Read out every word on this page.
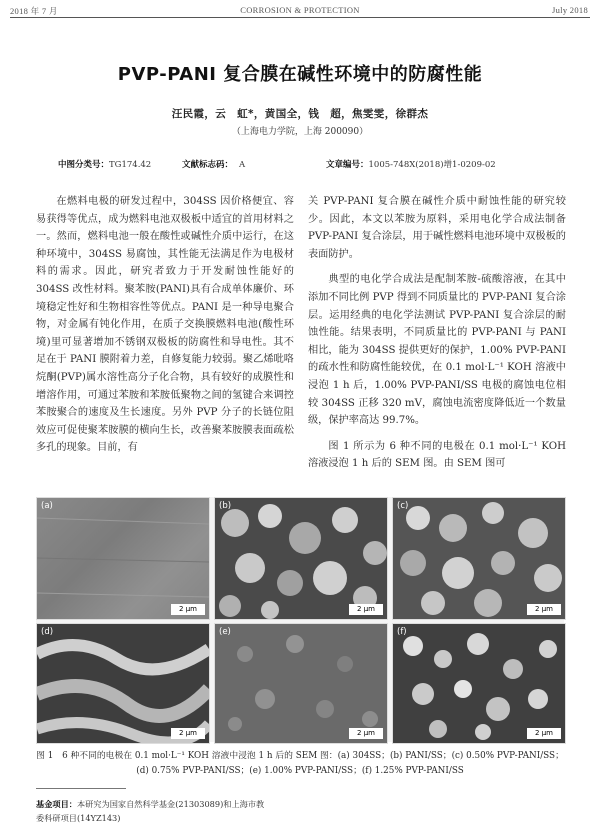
2018 年 7 月	CORROSION & PROTECTION	July 2018
PVP-PANI 复合膜在碱性环境中的防腐性能
汪民霞，云　虹*，黄国全，钱　超，焦雯雯，徐群杰
（上海电力学院，上海 200090）
中图分类号：TG174.42	文献标志码： A	文章编号：1005-748X(2018)增1-0209-02

在燃料电极的研发过程中，304SS 因价格便宜、容易获得等优点，成为燃料电池双极板中适宜的首用材料之一。然而，燃料电池一般在酸性或碱性介质中运行，在这种环境中，304SS 易腐蚀，其性能无法满足作为电极材料的需求。因此，研究者致力于开发耐蚀性能好的 304SS 改性材料。聚苯胺(PANI)具有合成单体廉价、环境稳定性好和生物相容性等优点。PANI 是一种导电聚合物，对金属有钝化作用，在质子交换膜燃料电池(酸性环境)里可显著增加不锈钢双极板的防腐性和导电性。其不足在于 PANI 膜附着力差，自修复能力较弱。聚乙烯吡咯烷酮(PVP)属水溶性高分子化合物，具有较好的成膜性和增溶作用，可通过苯胺和苯胺低聚物之间的氢键合来调控苯胺聚合的速度及生长速度。另外 PVP 分子的长链位阻效应可促使聚苯胺膜的横向生长，改善聚苯胺膜表面疏松多孔的现象。目前，有

关 PVP-PANI 复合膜在碱性介质中耐蚀性能的研究较少。因此，本文以苯胺为原料，采用电化学合成法制备 PVP-PANI 复合涂层，用于碱性燃料电池环境中双极板的表面防护。

典型的电化学合成法是配制苯胺-硫酸溶液，在其中添加不同比例 PVP 得到不同质量比的 PVP-PANI 复合涂层。运用经典的电化学法测试 PVP-PANI 复合涂层的耐蚀性能。结果表明，不同质量比的 PVP-PANI 与 PANI 相比，能为 304SS 提供更好的保护，1.00% PVP-PANI 的疏水性和防腐性能较优，在 0.1 mol·L⁻¹ KOH 溶液中浸泡 1 h 后，1.00% PVP-PANI/SS 电极的腐蚀电位相较 304SS 正移 320 mV，腐蚀电流密度降低近一个数量级，保护率高达 99.7%。

图 1 所示为 6 种不同的电极在 0.1 mol·L⁻¹ KOH 溶液浸泡 1 h 后的 SEM 图。由 SEM 图可

(a)
2 μm
(b)
2 μm
(c)
2 μm
(d)
2 μm
(e)
2 μm
(f)
2 μm
图 1　6 种不同的电极在 0.1 mol·L⁻¹ KOH 溶液中浸泡 1 h 后的 SEM 图：(a) 304SS；(b) PANI/SS；(c) 0.50% PVP-PANI/SS；
(d) 0.75% PVP-PANI/SS；(e) 1.00% PVP-PANI/SS；(f) 1.25% PVP-PANI/SS
基金项目：本研究为国家自然科学基金(21303089)和上海市教
委科研项目(14YZ143)
